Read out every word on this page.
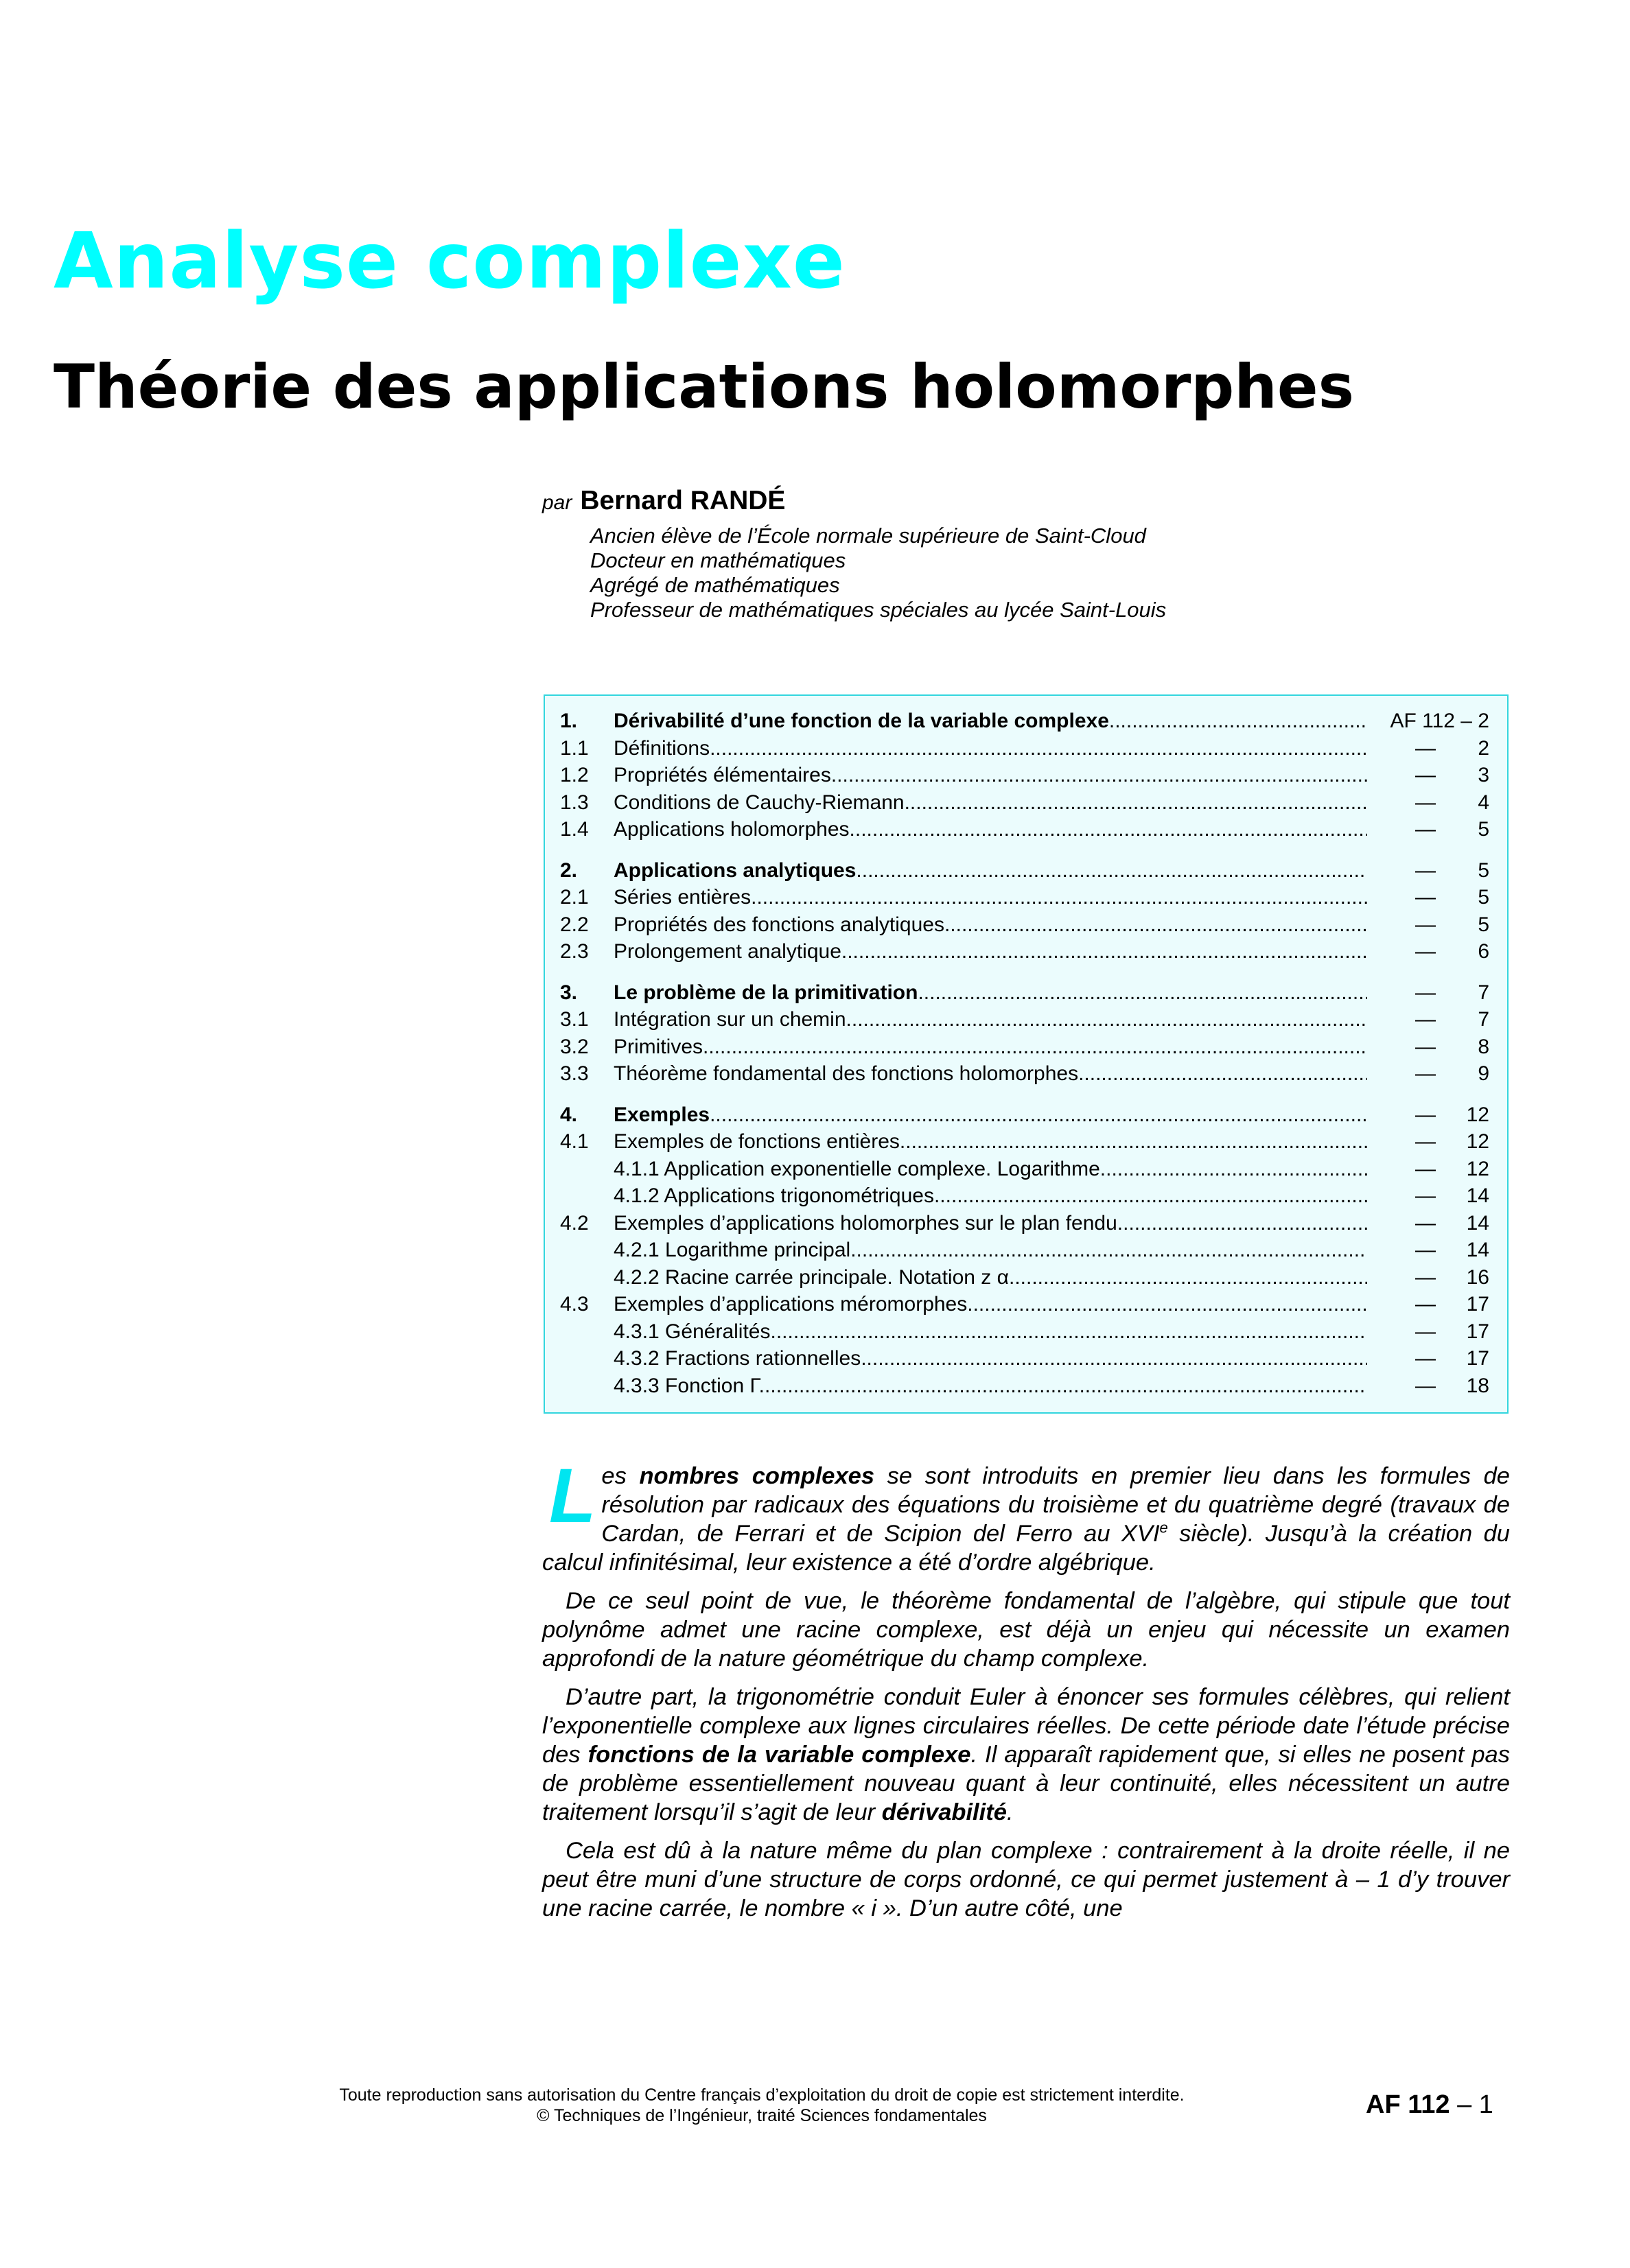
Analyse complexe
Théorie des applications holomorphes
par Bernard RANDÉ
Ancien élève de l’École normale supérieure de Saint-Cloud
Docteur en mathématiques
Agrégé de mathématiques
Professeur de mathématiques spéciales au lycée Saint-Louis
1.	Dérivabilité d’une fonction de la variable complexe .....	AF 112 – 2
1.1	Définitions .....	—	2
1.2	Propriétés élémentaires .....	—	3
1.3	Conditions de Cauchy-Riemann .....	—	4
1.4	Applications holomorphes .....	—	5
2.	Applications analytiques .....	—	5
2.1	Séries entières .....	—	5
2.2	Propriétés des fonctions analytiques .....	—	5
2.3	Prolongement analytique .....	—	6
3.	Le problème de la primitivation .....	—	7
3.1	Intégration sur un chemin .....	—	7
3.2	Primitives .....	—	8
3.3	Théorème fondamental des fonctions holomorphes .....	—	9
4.	Exemples .....	—	12
4.1	Exemples de fonctions entières .....	—	12
4.1.1 Application exponentielle complexe. Logarithme. .....	—	12
4.1.2 Applications trigonométriques .....	—	14
4.2	Exemples d’applications holomorphes sur le plan fendu .....	—	14
4.2.1 Logarithme principal .....	—	14
4.2.2 Racine carrée principale. Notation z α .....	—	16
4.3	Exemples d’applications méromorphes .....	—	17
4.3.1 Généralités .....	—	17
4.3.2 Fractions rationnelles .....	—	17
4.3.3 Fonction Γ. .....	—	18

Les nombres complexes se sont introduits en premier lieu dans les formules de résolution par radicaux des équations du troisième et du quatrième degré (travaux de Cardan, de Ferrari et de Scipion del Ferro au XVIe siècle). Jusqu’à la création du calcul infinitésimal, leur existence a été d’ordre algébrique.

De ce seul point de vue, le théorème fondamental de l’algèbre, qui stipule que tout polynôme admet une racine complexe, est déjà un enjeu qui nécessite un examen approfondi de la nature géométrique du champ complexe.

D’autre part, la trigonométrie conduit Euler à énoncer ses formules célèbres, qui relient l’exponentielle complexe aux lignes circulaires réelles. De cette période date l’étude précise des fonctions de la variable complexe. Il apparaît rapidement que, si elles ne posent pas de problème essentiellement nouveau quant à leur continuité, elles nécessitent un autre traitement lorsqu’il s’agit de leur dérivabilité.

Cela est dû à la nature même du plan complexe : contrairement à la droite réelle, il ne peut être muni d’une structure de corps ordonné, ce qui permet justement à – 1 d’y trouver une racine carrée, le nombre « i ». D’un autre côté, une

Toute reproduction sans autorisation du Centre français d’exploitation du droit de copie est strictement interdite.
© Techniques de l’Ingénieur, traité Sciences fondamentales	AF 112 – 1
